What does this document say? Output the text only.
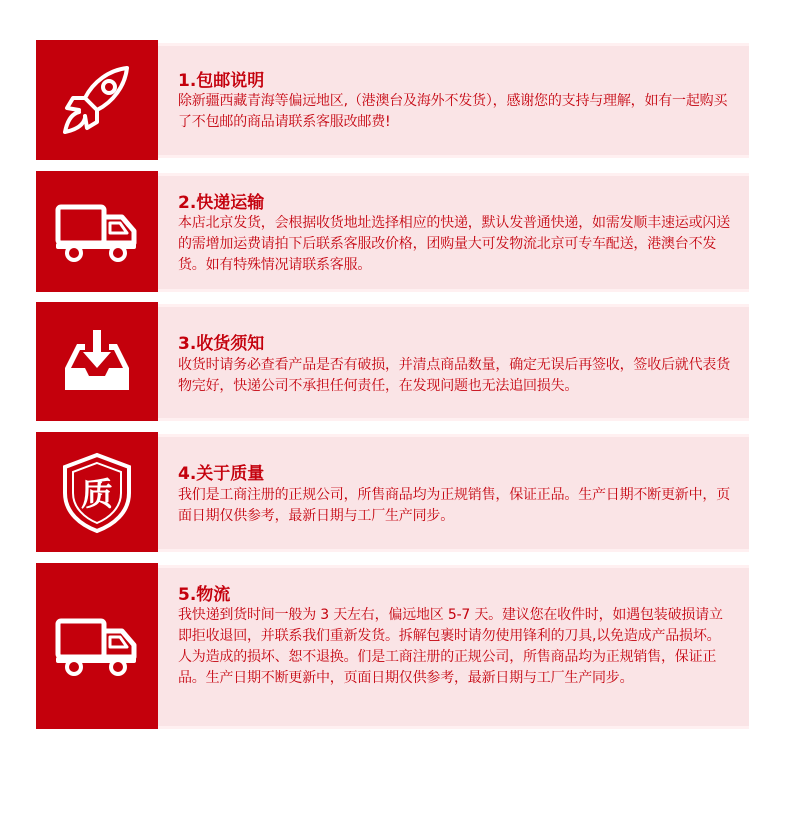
1.包邮说明
除新疆西藏青海等偏远地区,（港澳台及海外不发货），感谢您的支持与理解，如有一起购买了不包邮的商品请联系客服改邮费!
2.快递运输
本店北京发货，会根据收货地址选择相应的快递，默认发普通快递，如需发顺丰速运或闪送的需增加运费请拍下后联系客服改价格，团购量大可发物流北京可专车配送，港澳台不发货。如有特殊情况请联系客服。
3.收货须知
收货时请务必查看产品是否有破损，并清点商品数量，确定无误后再签收，签收后就代表货物完好，快递公司不承担任何责任，在发现问题也无法追回损失。
质
4.关于质量
我们是工商注册的正规公司，所售商品均为正规销售，保证正品。生产日期不断更新中，页面日期仅供参考，最新日期与工厂生产同步。
5.物流
我快递到货时间一般为 3 天左右，偏远地区 5-7 天。建议您在收件时，如遇包装破损请立即拒收退回，并联系我们重新发货。拆解包裹时请勿使用锋利的刀具,以免造成产品损坏。人为造成的损坏、恕不退换。们是工商注册的正规公司，所售商品均为正规销售，保证正品。生产日期不断更新中，页面日期仅供参考，最新日期与工厂生产同步。
